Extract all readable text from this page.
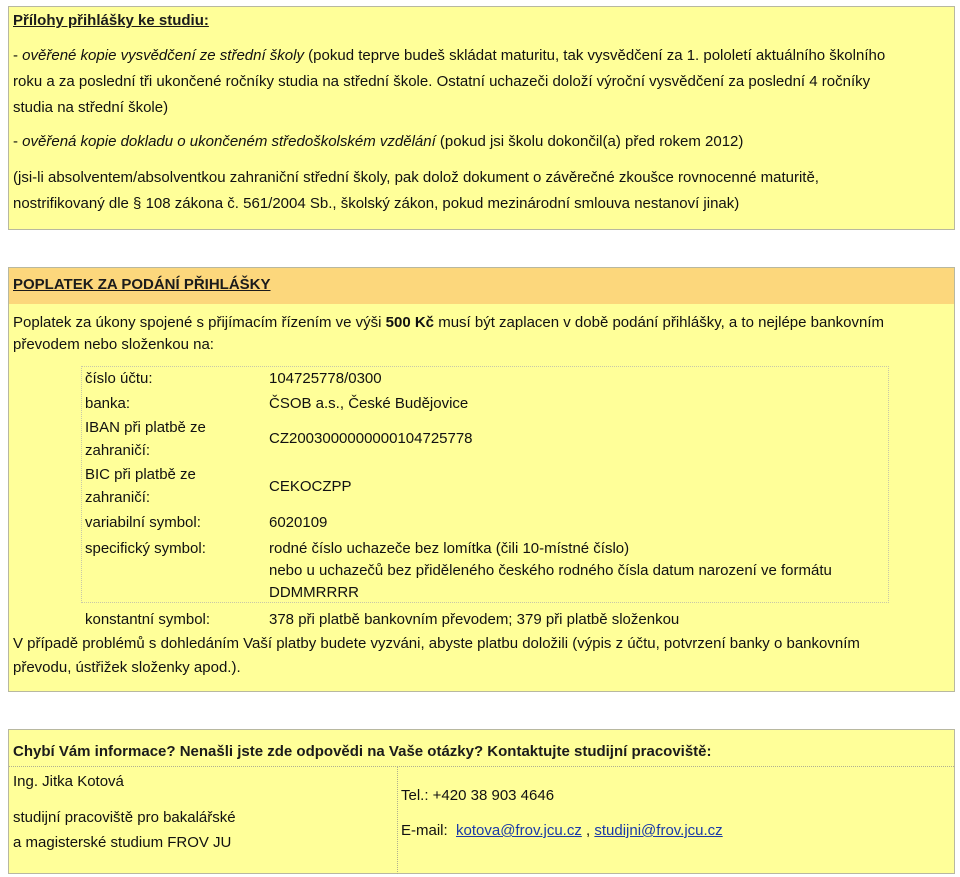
Přílohy přihlášky ke studiu:
- ověřené kopie vysvědčení ze střední školy (pokud teprve budeš skládat maturitu, tak vysvědčení za 1. pololetí aktuálního školního
roku a za poslední tři ukončené ročníky studia na střední škole. Ostatní uchazeči doloží výroční vysvědčení za poslední 4 ročníky
studia na střední škole)
- ověřená kopie dokladu o ukončeném středoškolském vzdělání (pokud jsi školu dokončil(a) před rokem 2012)
(jsi-li absolventem/absolventkou zahraniční střední školy, pak dolož dokument o závěrečné zkoušce rovnocenné maturitě,
nostrifikovaný dle § 108 zákona č. 561/2004 Sb., školský zákon, pokud mezinárodní smlouva nestanoví jinak)
POPLATEK ZA PODÁNÍ PŘIHLÁŠKY
Poplatek za úkony spojené s přijímacím řízením ve výši 500 Kč musí být zaplacen v době podání přihlášky, a to nejlépe bankovním
převodem nebo složenkou na:
číslo účtu:	104725778/0300
banka:	ČSOB a.s., České Budějovice
IBAN při platbě ze
zahraničí:
CZ2003000000000104725778
BIC při platbě ze
zahraničí:
CEKOCZPP
variabilní symbol:	6020109
specifický symbol:	rodné číslo uchazeče bez lomítka (čili 10-místné číslo)
nebo u uchazečů bez přiděleného českého rodného čísla datum narození ve formátu
DDMMRRRR
konstantní symbol:	378 při platbě bankovním převodem; 379 při platbě složenkou
V případě problémů s dohledáním Vaší platby budete vyzváni, abyste platbu doložili (výpis z účtu, potvrzení banky o bankovním
převodu, ústřižek složenky apod.).
Chybí Vám informace? Nenašli jste zde odpovědi na Vaše otázky? Kontaktujte studijní pracoviště:
Ing. Jitka Kotová
studijní pracoviště pro bakalářské
a magisterské studium FROV JU
Tel.: +420 38 903 4646
E-mail: kotova@frov.jcu.cz , studijni@frov.jcu.cz
